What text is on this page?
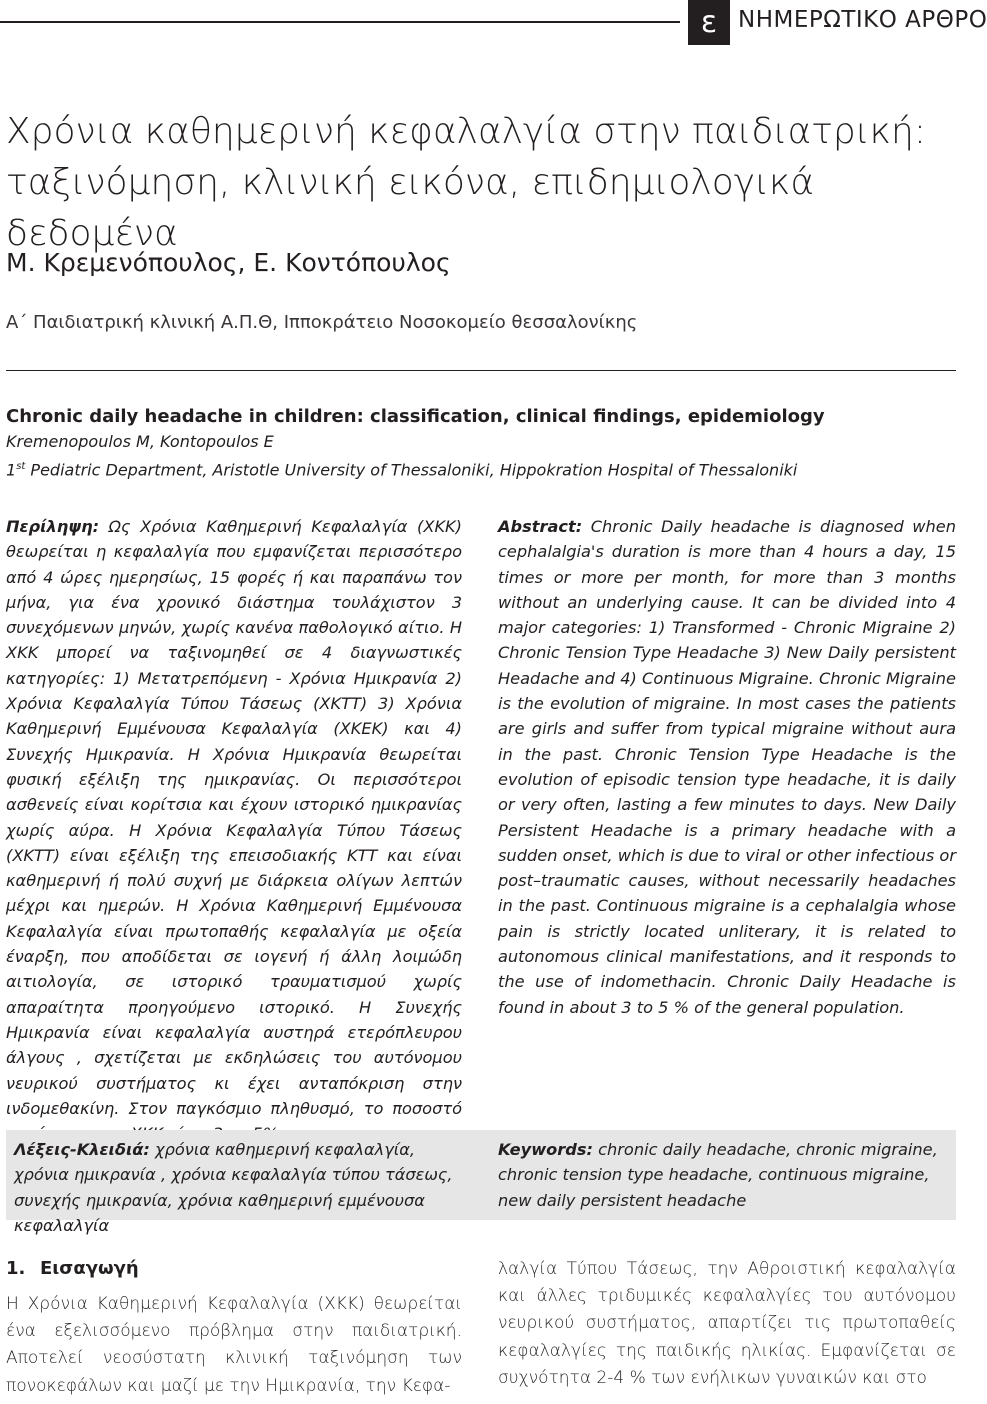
ε ΝΗΜΕΡΩΤΙΚΟ ΑΡΘΡΟ
Χρόνια καθημερινή κεφαλαλγία στην παιδιατρική: ταξινόμηση, κλινική εικόνα, επιδημιολογικά δεδομένα
Μ. Κρεμενόπουλος, Ε. Κοντόπουλος
Α΄ Παιδιατρική κλινική Α.Π.Θ, Ιπποκράτειο Νοσοκομείο θεσσαλονίκης
Chronic daily headache in children: classification, clinical findings, epidemiology
Kremenopoulos M, Kontopoulos E
1st Pediatric Department, Aristotle University of Thessaloniki, Hippokration Hospital of Thessaloniki
Περίληψη: Ως Χρόνια Καθημερινή Κεφαλαλγία (ΧΚΚ) θεωρείται η κεφαλαλγία που εμφανίζεται περισσότερο από 4 ώρες ημερησίως, 15 φορές ή και παραπάνω τον μήνα, για ένα χρονικό διάστημα τουλάχιστον 3 συνεχόμενων μηνών, χωρίς κανένα παθολογικό αίτιο. Η ΧΚΚ μπορεί να ταξινομηθεί σε 4 διαγνωστικές κατηγορίες: 1) Μετατρεπόμενη - Χρόνια Ημικρανία 2) Χρόνια Κεφαλαλγία Τύπου Τάσεως (ΧΚΤΤ) 3) Χρόνια Καθημερινή Εμμένουσα Κεφαλαλγία (ΧΚΕΚ) και 4) Συνεχής Ημικρανία. Η Χρόνια Ημικρανία θεωρείται φυσική εξέλιξη της ημικρανίας. Οι περισσότεροι ασθενείς είναι κορίτσια και έχουν ιστορικό ημικρανίας χωρίς αύρα. Η Χρόνια Κεφαλαλγία Τύπου Τάσεως (ΧΚΤΤ) είναι εξέλιξη της επεισοδιακής ΚΤΤ και είναι καθημερινή ή πολύ συχνή με διάρκεια ολίγων λεπτών μέχρι και ημερών. Η Χρόνια Καθημερινή Εμμένουσα Κεφαλαλγία είναι πρωτοπαθής κεφαλαλγία με οξεία έναρξη, που αποδίδεται σε ιογενή ή άλλη λοιμώδη αιτιολογία, σε ιστορικό τραυματισμού χωρίς απαραίτητα προηγούμενο ιστορικό. Η Συνεχής Ημικρανία είναι κεφαλαλγία αυστηρά ετερόπλευρου άλγους , σχετίζεται με εκδηλώσεις του αυτόνομου νευρικού συστήματος κι έχει ανταπόκριση στην ινδομεθακίνη. Στον παγκόσμιο πληθυσμό, το ποσοστό
Abstract: Chronic Daily headache is diagnosed when cephalalgia's duration is more than 4 hours a day, 15 times or more per month, for more than 3 months without an underlying cause. It can be divided into 4 major categories: 1) Transformed - Chronic Migraine 2) Chronic Tension Type Headache 3) New Daily persistent Headache and 4) Continuous Migraine. Chronic Migraine is the evolution of migraine. In most cases the patients are girls and suffer from typical migraine without aura in the past. Chronic Tension Type Headache is the evolution of episodic tension type headache, it is daily or very often, lasting a few minutes to days. New Daily Persistent Headache is a primary headache with a sudden onset, which is due to viral or other infectious or post–traumatic causes, without necessarily headaches in the past. Continuous migraine is a cephalalgia whose pain is strictly located unliterary, it is related to autonomous clinical manifestations, and it responds to the use of indomethacin. Chronic Daily Headache is found in about 3 to 5 % of the general population.
Λέξεις-Κλειδιά: χρόνια καθημερινή κεφαλαλγία, χρόνια ημικρανία , χρόνια κεφαλαλγία τύπου τάσεως, συνεχής ημικρανία, χρόνια καθημερινή εμμένουσα κεφαλαλγία
Keywords: chronic daily headache, chronic migraine, chronic tension type headache, continuous migraine, new daily persistent headache
1. Εισαγωγή
Η Χρόνια Καθημερινή Κεφαλαλγία (ΧΚΚ) θεωρείται ένα εξελισσόμενο πρόβλημα στην παιδιατρική. Αποτελεί νεοσύστατη κλινική ταξινόμηση των πονοκεφάλων και μαζί με την Ημικρανία, την Κεφα-
λαλγία Τύπου Τάσεως, την Αθροιστική κεφαλαλγία και άλλες τριδυμικές κεφαλαλγίες του αυτόνομου νευρικού συστήματος, απαρτίζει τις πρωτοπαθείς κεφαλαλγίες της παιδικής ηλικίας. Εμφανίζεται σε συχνότητα 2-4 % των ενήλικων γυναικών και στο
